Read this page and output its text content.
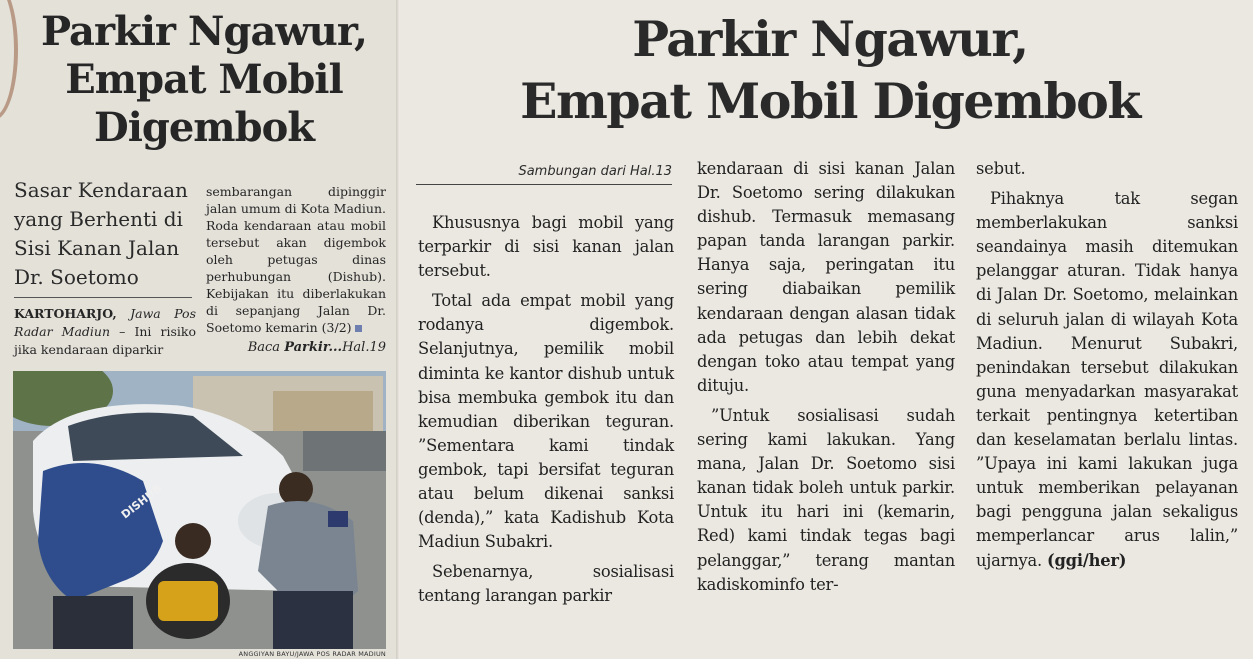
Parkir Ngawur,
Empat Mobil
Digembok
Sasar Kendaraan yang Berhenti di Sisi Kanan Jalan Dr. Soetomo
KARTOHARJO, Jawa Pos Radar Madiun – Ini risiko jika kendaraan diparkir
sembarangan dipinggir jalan umum di Kota Madiun. Roda kendaraan atau mobil tersebut akan digembok oleh petugas dinas perhubungan (Dishub). Kebijakan itu diberlakukan di sepanjang Jalan Dr. Soetomo kemarin (3/2)
Baca Parkir...Hal.19
DISHUB
ANGGIYAN BAYU/JAWA POS RADAR MADIUN
Parkir Ngawur,
Empat Mobil Digembok
Sambungan dari Hal.13

Khususnya bagi mobil yang terparkir di sisi kanan jalan tersebut.

Total ada empat mobil yang rodanya digembok. Selanjutnya, pemilik mobil diminta ke kantor dishub untuk bisa membuka gembok itu dan kemudian diberikan teguran. ”Sementara kami tindak gembok, tapi bersifat teguran atau belum dikenai sanksi (denda),” kata Kadishub Kota Madiun Subakri.

Sebenarnya, sosialisasi tentang larangan parkir

kendaraan di sisi kanan Jalan Dr. Soetomo sering dilakukan dishub. Termasuk memasang papan tanda larangan parkir. Hanya saja, peringatan itu sering diabaikan pemilik kendaraan dengan alasan tidak ada petugas dan lebih dekat dengan toko atau tempat yang dituju.

”Untuk sosialisasi sudah sering kami lakukan. Yang mana, Jalan Dr. Soetomo sisi kanan tidak boleh untuk parkir. Untuk itu hari ini (kemarin, Red) kami tindak tegas bagi pelanggar,” terang mantan kadiskominfo ter-

sebut.

Pihaknya tak segan memberlakukan sanksi seandainya masih ditemukan pelanggar aturan. Tidak hanya di Jalan Dr. Soetomo, melainkan di seluruh jalan di wilayah Kota Madiun. Menurut Subakri, penindakan tersebut dilakukan guna menyadarkan masyarakat terkait pentingnya ketertiban dan keselamatan berlalu lintas. ”Upaya ini kami lakukan juga untuk memberikan pelayanan bagi pengguna jalan sekaligus memperlancar arus lalin,” ujarnya. (ggi/her)
